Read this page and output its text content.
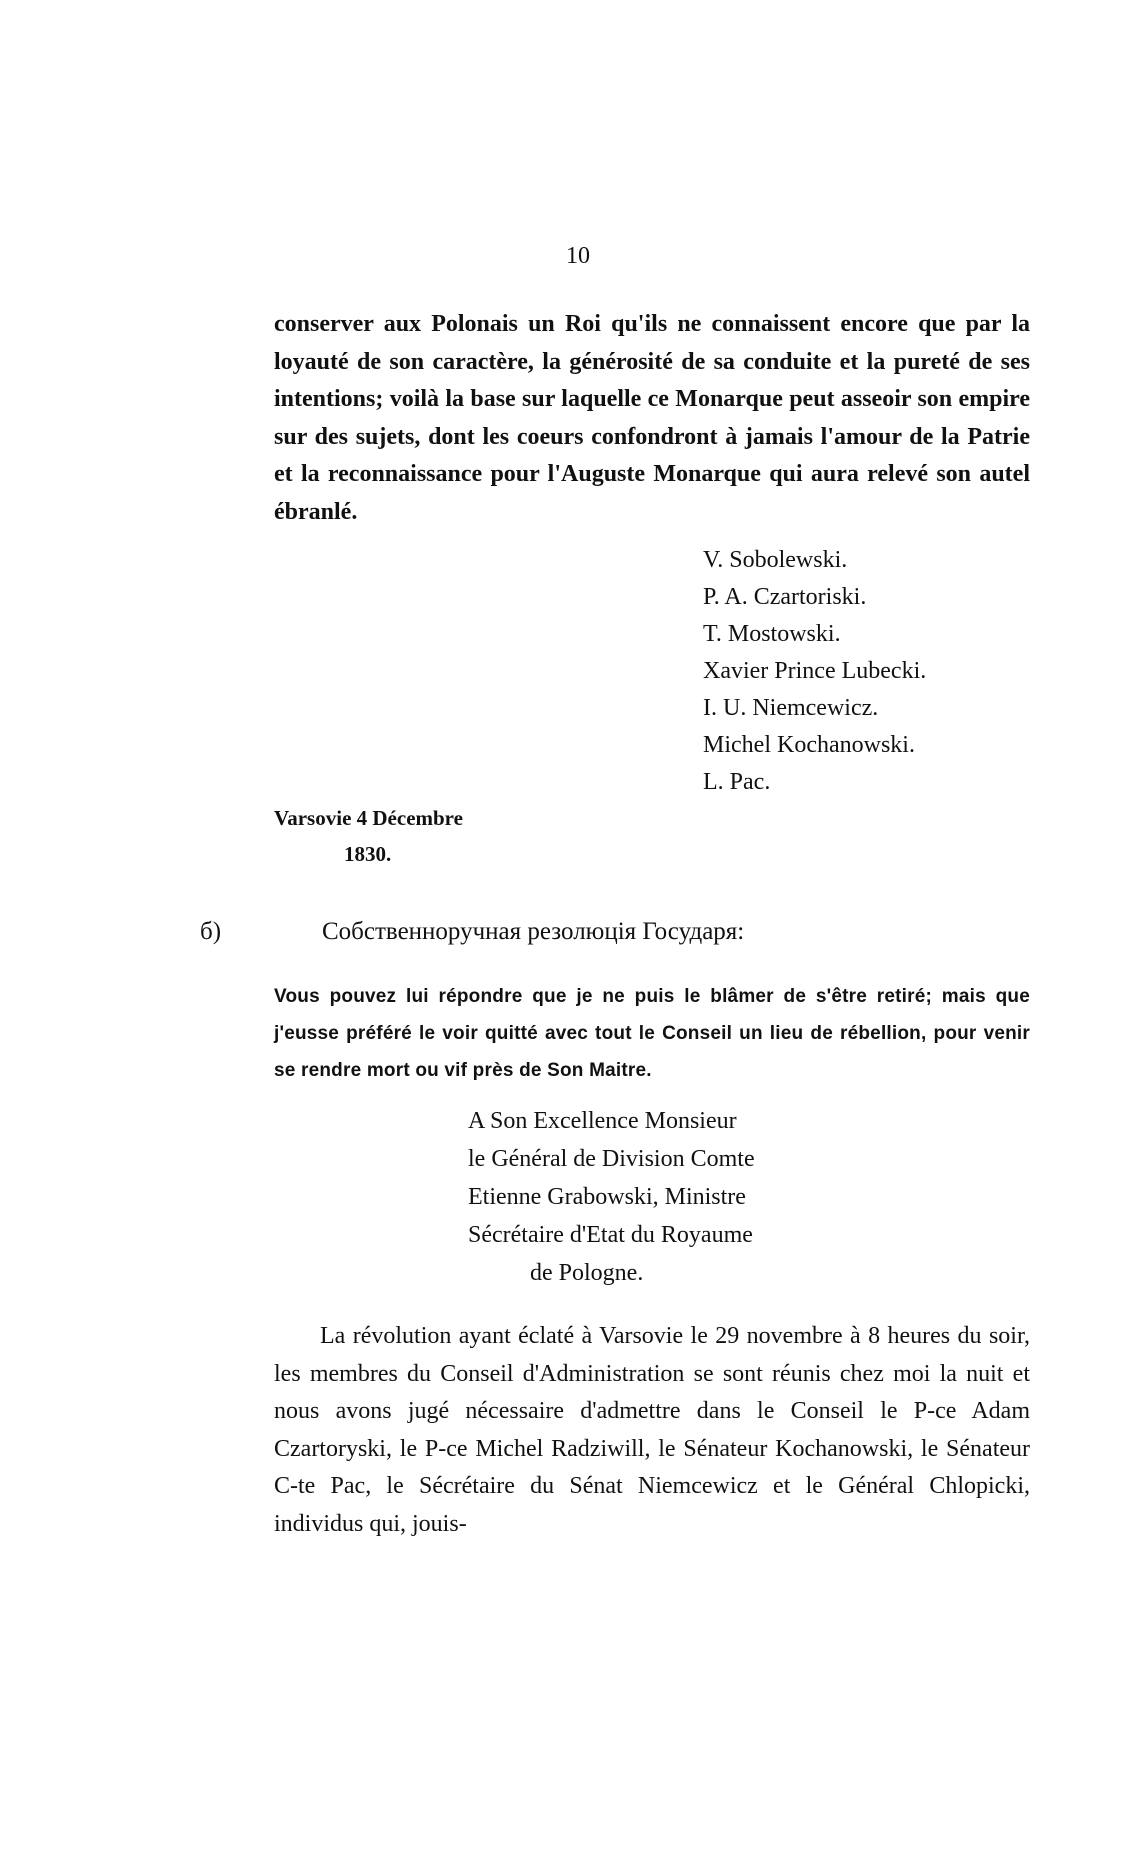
10
conserver aux Polonais un Roi qu'ils ne connaissent encore que par la loyauté de son caractère, la générosité de sa conduite et la pureté de ses intentions; voilà la base sur laquelle ce Monarque peut asseoir son empire sur des sujets, dont les coeurs confondront à jamais l'amour de la Patrie et la reconnaissance pour l'Auguste Monarque qui aura relevé son autel ébranlé.
V. Sobolewski.
P. A. Czartoriski.
T. Mostowski.
Xavier Prince Lubecki.
I. U. Niemcewicz.
Michel Kochanowski.
L. Pac.
Varsovie 4 Décembre
1830.
б)	Собственноручная резолюція Государя:
Vous pouvez lui répondre que je ne puis le blâmer de s'être retiré; mais que j'eusse préféré le voir quitté avec tout le Conseil un lieu de rébellion, pour venir se rendre mort ou vif près de Son Maitre.
A Son Excellence Monsieur
le Général de Division Comte
Etienne Grabowski, Ministre
Sécrétaire d'Etat du Royaume
de Pologne.
La révolution ayant éclaté à Varsovie le 29 novembre à 8 heures du soir, les membres du Conseil d'Administration se sont réunis chez moi la nuit et nous avons jugé nécessaire d'admettre dans le Conseil le P-ce Adam Czartoryski, le P-ce Michel Radziwill, le Sénateur Kochanowski, le Sénateur C-te Pac, le Sécrétaire du Sénat Niemcewicz et le Général Chlopicki, individus qui, jouis-
